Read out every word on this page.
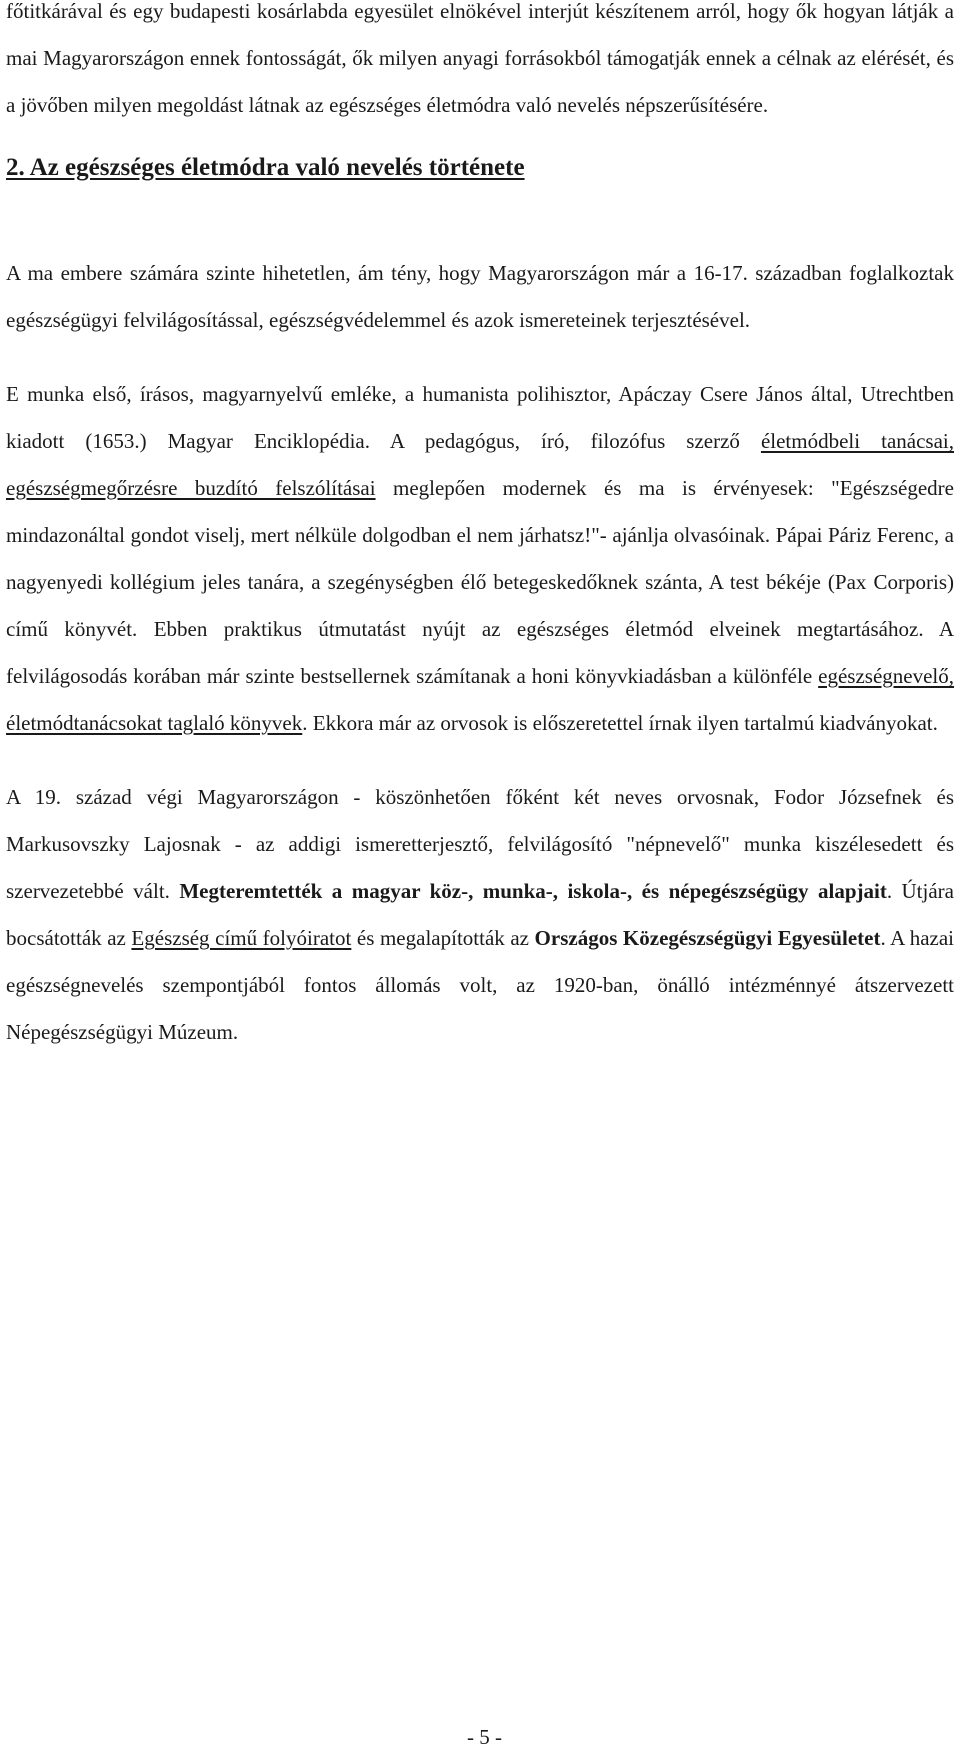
főtitkárával és egy budapesti kosárlabda egyesület elnökével interjút készítenem arról, hogy ők hogyan látják a mai Magyarországon ennek fontosságát, ők milyen anyagi forrásokból támogatják ennek a célnak az elérését, és a jövőben milyen megoldást látnak az egészséges életmódra való nevelés népszerűsítésére.

2. Az egészséges életmódra való nevelés története

A ma embere számára szinte hihetetlen, ám tény, hogy Magyarországon már a 16-17. században foglalkoztak egészségügyi felvilágosítással, egészségvédelemmel és azok ismereteinek terjesztésével.

E munka első, írásos, magyarnyelvű emléke, a humanista polihisztor, Apáczay Csere János által, Utrechtben kiadott (1653.) Magyar Enciklopédia. A pedagógus, író, filozófus szerző életmódbeli tanácsai, egészségmegőrzésre buzdító felszólításai meglepően modernek és ma is érvényesek: "Egészségedre mindazonáltal gondot viselj, mert nélküle dolgodban el nem járhatsz!"- ajánlja olvasóinak. Pápai Páriz Ferenc, a nagyenyedi kollégium jeles tanára, a szegénységben élő betegeskedőknek szánta, A test békéje (Pax Corporis) című könyvét. Ebben praktikus útmutatást nyújt az egészséges életmód elveinek megtartásához. A felvilágosodás korában már szinte bestsellernek számítanak a honi könyvkiadásban a különféle egészségnevelő, életmódtanácsokat taglaló könyvek. Ekkora már az orvosok is előszeretettel írnak ilyen tartalmú kiadványokat.

A 19. század végi Magyarországon - köszönhetően főként két neves orvosnak, Fodor Józsefnek és Markusovszky Lajosnak - az addigi ismeretterjesztő, felvilágosító "népnevelő" munka kiszélesedett és szervezetebbé vált. Megteremtették a magyar köz-, munka-, iskola-, és népegészségügy alapjait. Útjára bocsátották az Egészség című folyóiratot és megalapították az Országos Közegészségügyi Egyesületet. A hazai egészségnevelés szempontjából fontos állomás volt, az 1920-ban, önálló intézménnyé átszervezett Népegészségügyi Múzeum.

- 5 -
